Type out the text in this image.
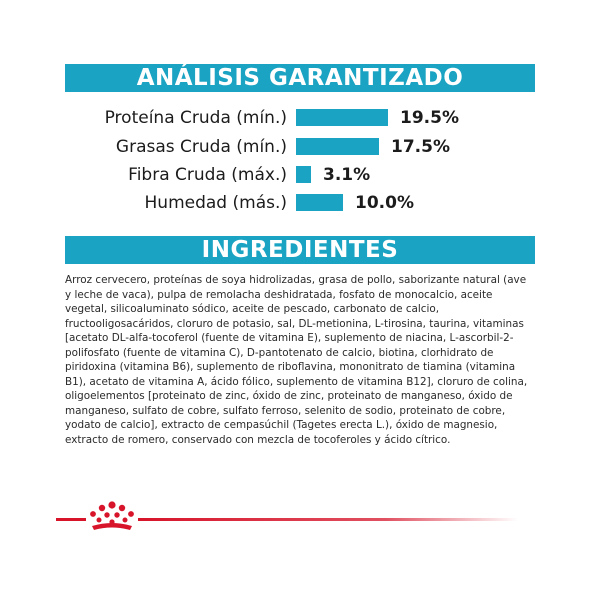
ANÁLISIS GARANTIZADO
Proteína Cruda (mín.)	19.5%
Grasas Cruda (mín.)	17.5%
Fibra Cruda (máx.) 3.1%
Humedad (más.)	10.0%
INGREDIENTES
Arroz cervecero, proteínas de soya hidrolizadas, grasa de pollo, saborizante natural (ave y leche de vaca), pulpa de remolacha deshidratada, fosfato de monocalcio, aceite vegetal, silicoaluminato sódico, aceite de pescado, carbonato de calcio, fructooligosacáridos, cloruro de potasio, sal, DL-metionina, L-tirosina, taurina, vitaminas [acetato DL-alfa-tocoferol (fuente de vitamina E), suplemento de niacina, L-ascorbil-2-polifosfato (fuente de vitamina C), D-pantotenato de calcio, biotina, clorhidrato de piridoxina (vitamina B6), suplemento de riboflavina, mononitrato de tiamina (vitamina B1), acetato de vitamina A, ácido fólico, suplemento de vitamina B12], cloruro de colina, oligoelementos [proteinato de zinc, óxido de zinc, proteinato de manganeso, óxido de manganeso, sulfato de cobre, sulfato ferroso, selenito de sodio, proteinato de cobre, yodato de calcio], extracto de cempasúchil (Tagetes erecta L.), óxido de magnesio, extracto de romero, conservado con mezcla de tocoferoles y ácido cítrico.
